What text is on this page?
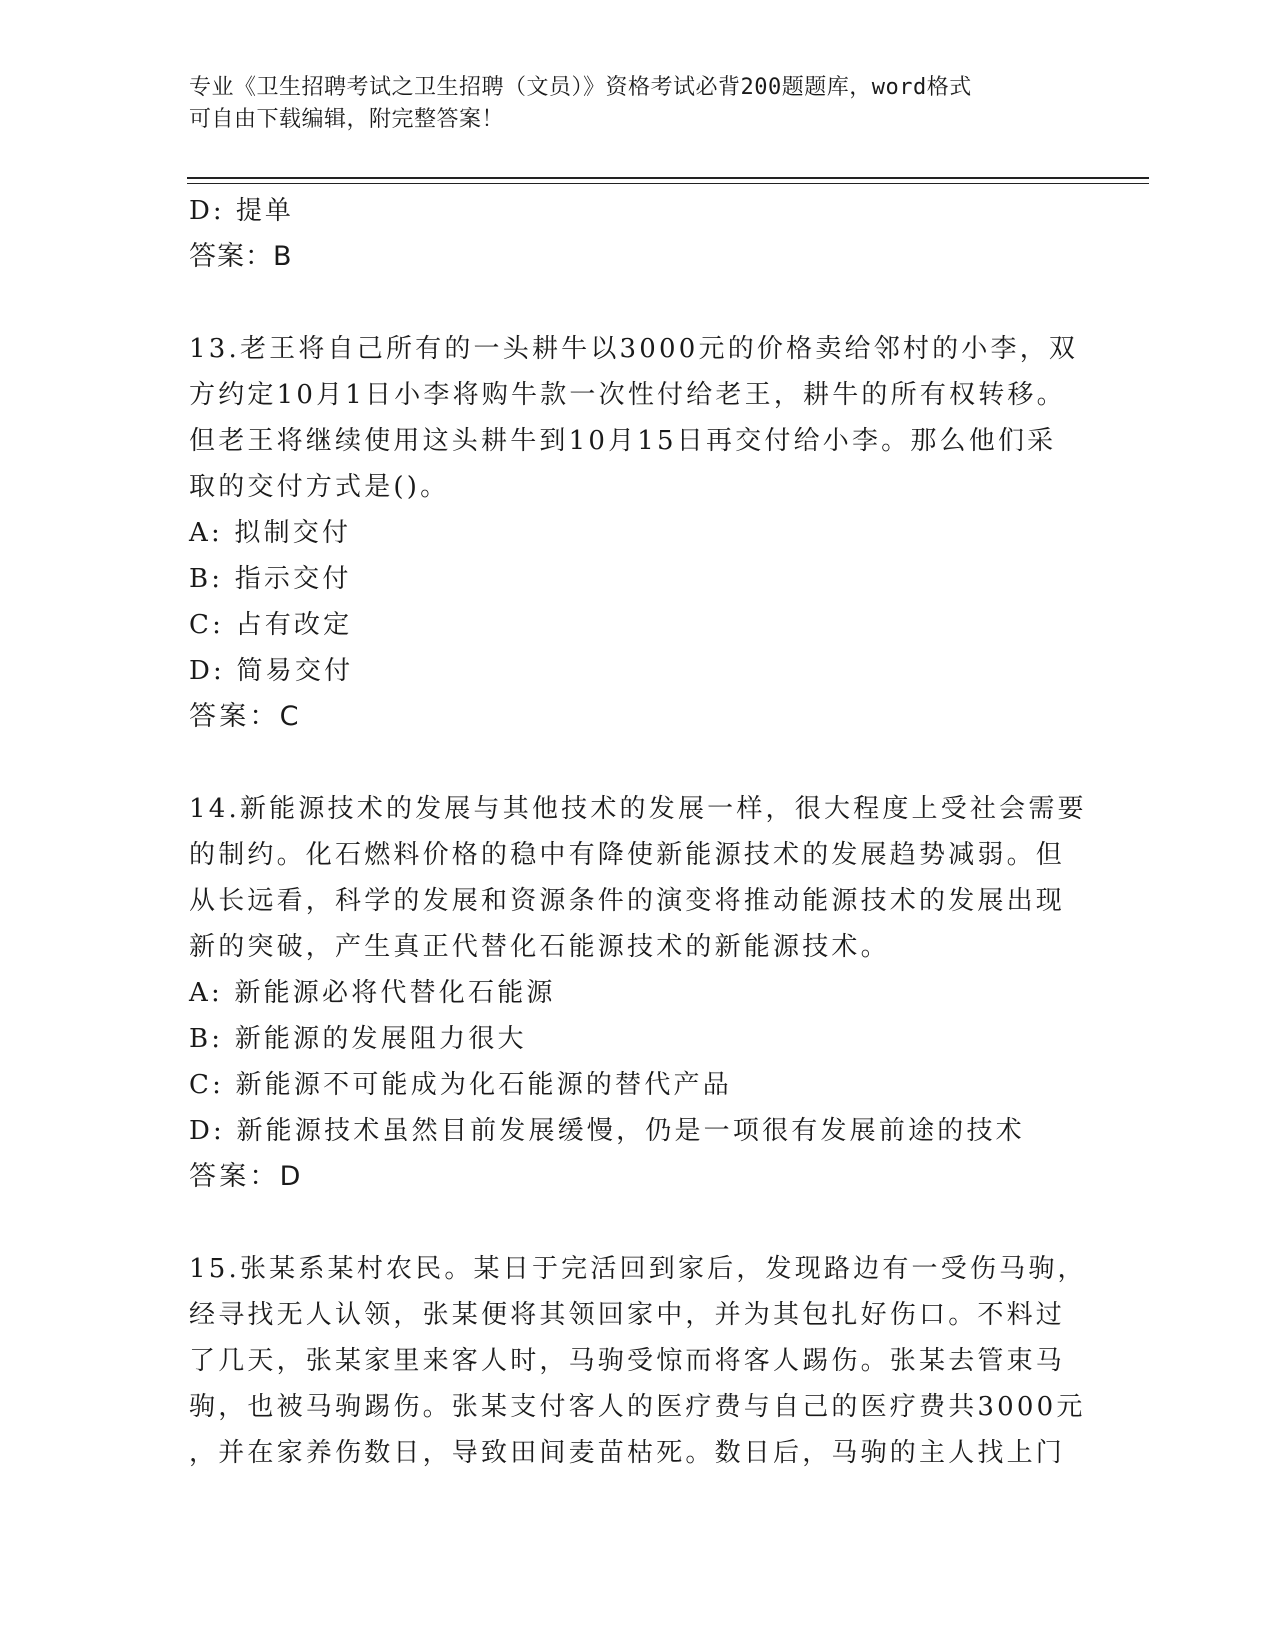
专业《卫生招聘考试之卫生招聘（文员）》资格考试必背200题题库，word格式
可自由下载编辑，附完整答案！
D: 提单
答案：B
13.老王将自己所有的一头耕牛以3000元的价格卖给邻村的小李，双
方约定10月1日小李将购牛款一次性付给老王，耕牛的所有权转移。
但老王将继续使用这头耕牛到10月15日再交付给小李。那么他们采
取的交付方式是()。
A: 拟制交付
B: 指示交付
C: 占有改定
D: 简易交付
答案：C
14.新能源技术的发展与其他技术的发展一样，很大程度上受社会需要
的制约。化石燃料价格的稳中有降使新能源技术的发展趋势减弱。但
从长远看，科学的发展和资源条件的演变将推动能源技术的发展出现
新的突破，产生真正代替化石能源技术的新能源技术。
A: 新能源必将代替化石能源
B: 新能源的发展阻力很大
C: 新能源不可能成为化石能源的替代产品
D: 新能源技术虽然目前发展缓慢，仍是一项很有发展前途的技术
答案：D
15.张某系某村农民。某日于完活回到家后，发现路边有一受伤马驹，
经寻找无人认领，张某便将其领回家中，并为其包扎好伤口。不料过
了几天，张某家里来客人时，马驹受惊而将客人踢伤。张某去管束马
驹，也被马驹踢伤。张某支付客人的医疗费与自己的医疗费共3000元
，并在家养伤数日，导致田间麦苗枯死。数日后，马驹的主人找上门
